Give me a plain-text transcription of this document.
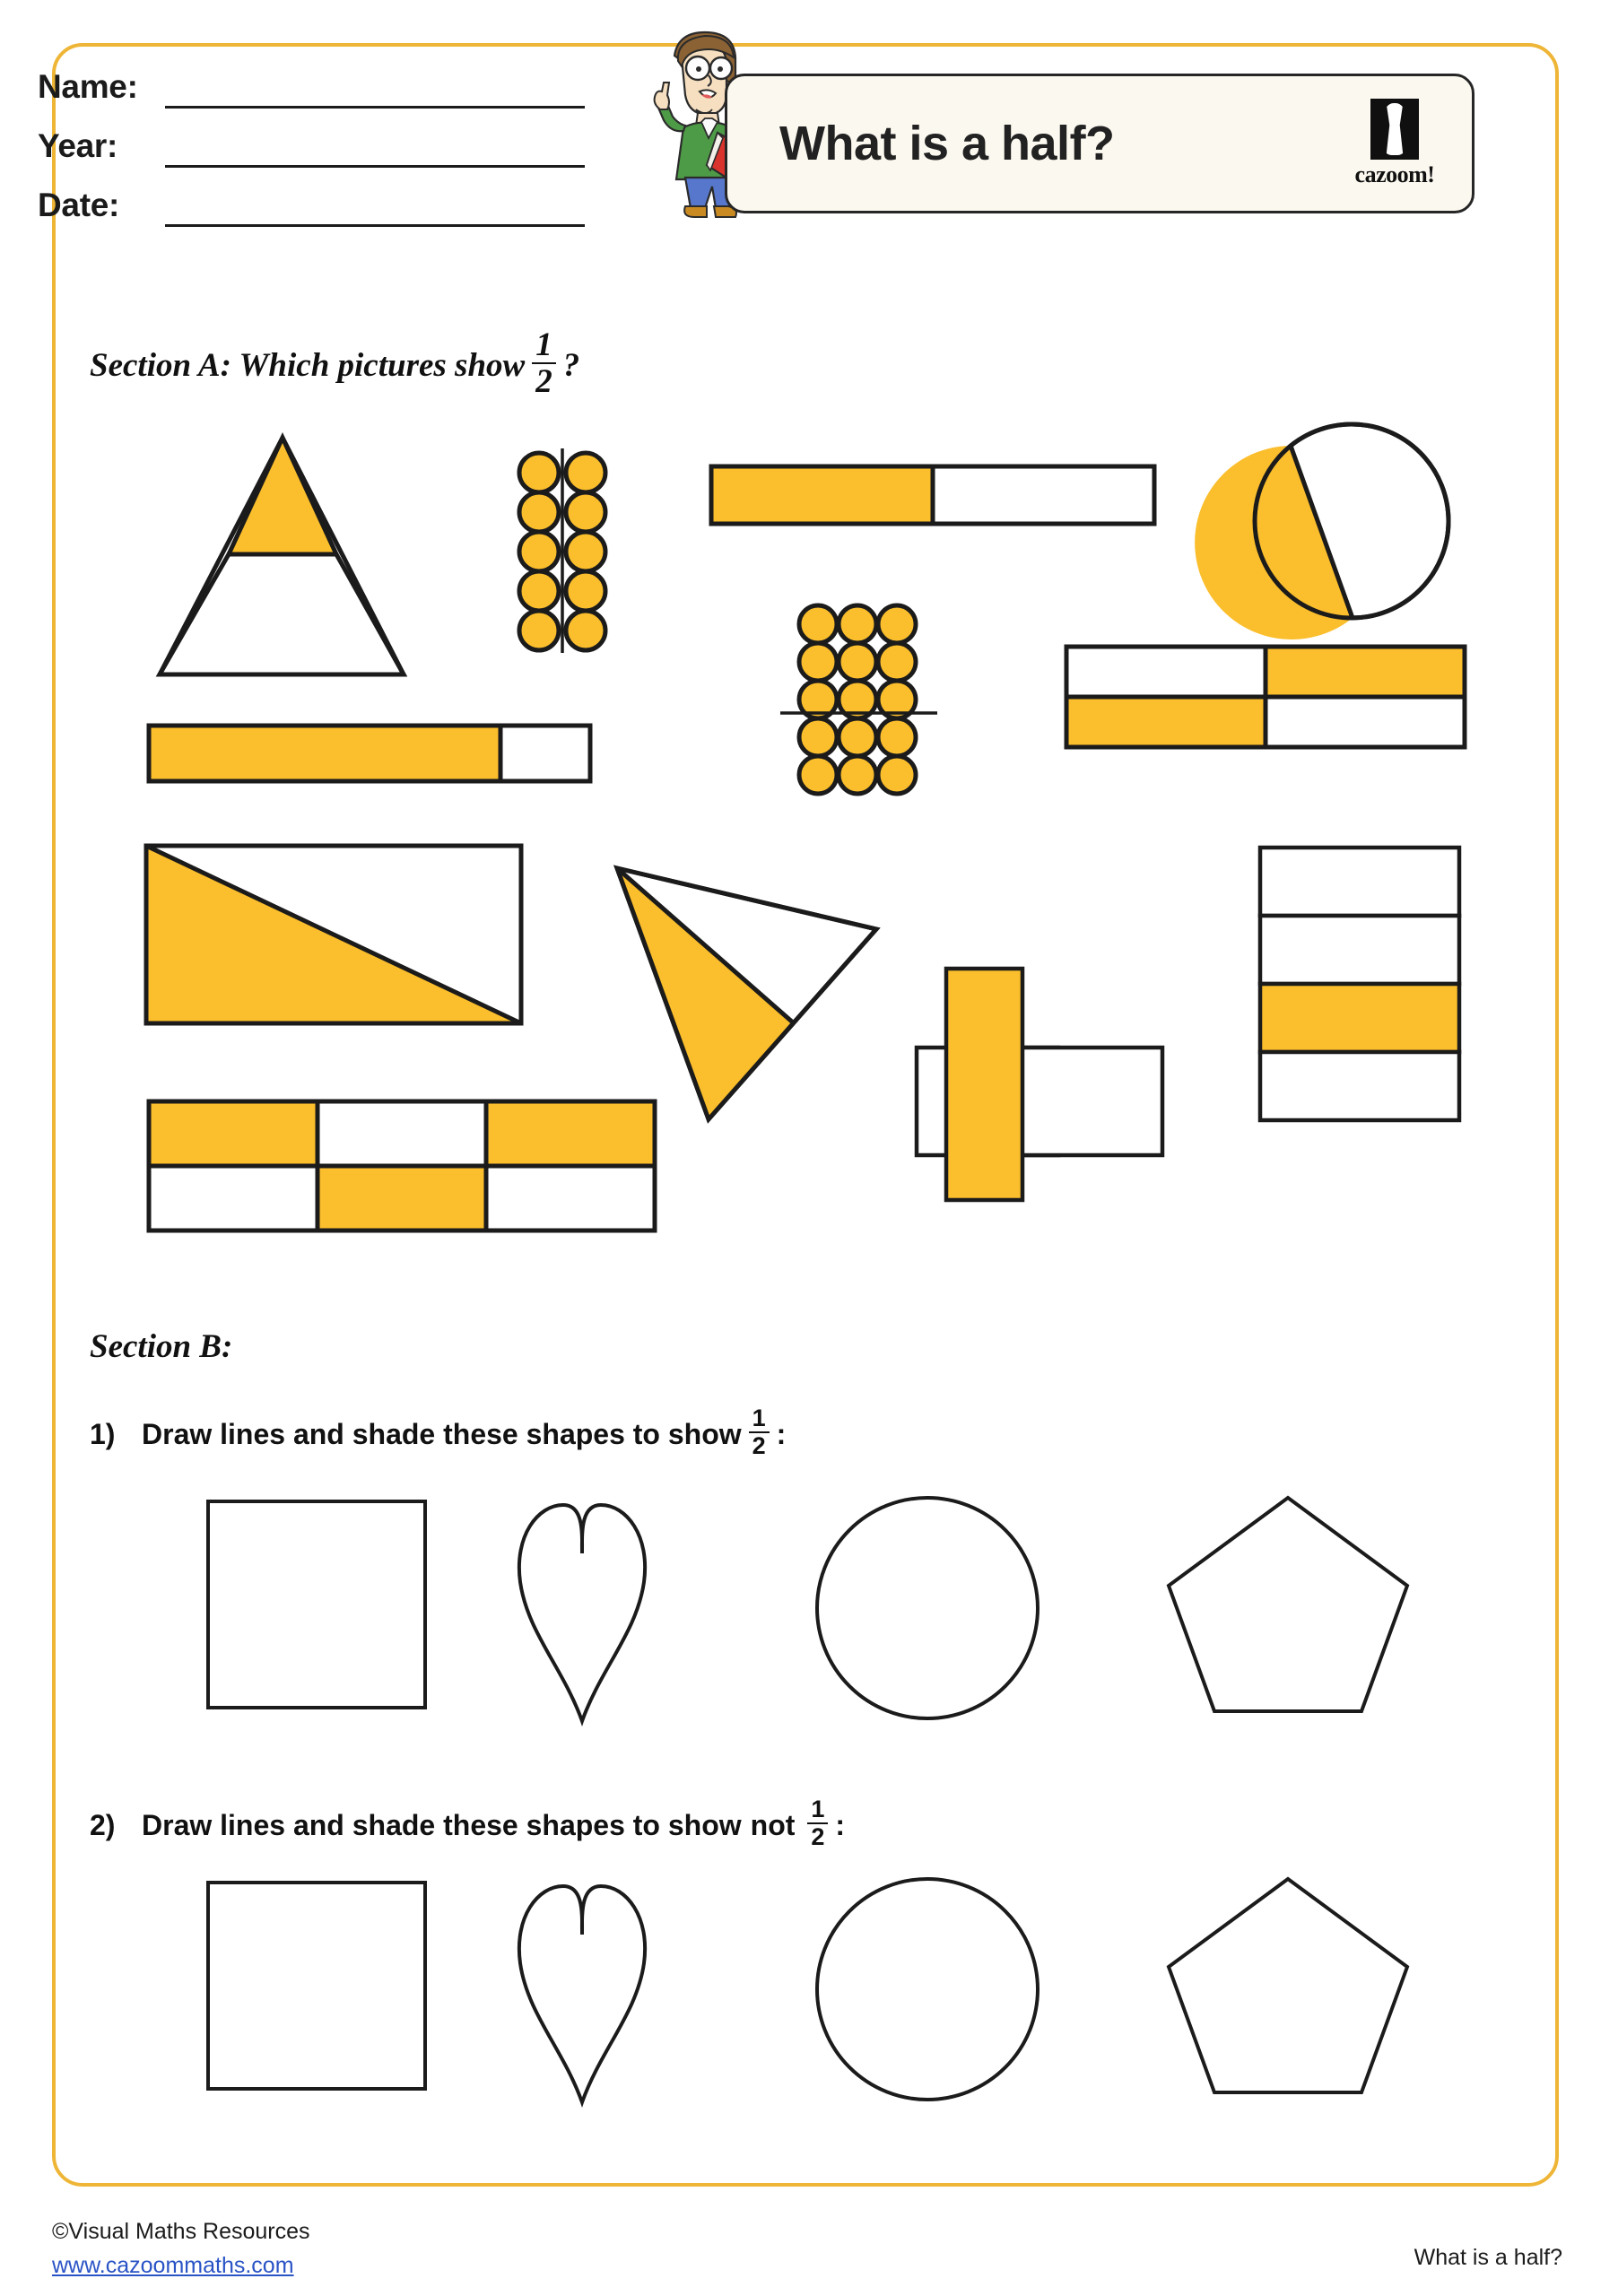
Name:
Year:
Date:
What is a half?
cazoom!
Section A: Which pictures show $\frac{1}{2}$ ?
Section B:
1) Draw lines and shade these shapes to show $\frac{1}{2}$ :
2) Draw lines and shade these shapes to show not $\frac{1}{2}$ :
©Visual Maths Resources
www.cazoommaths.com	What is a half?
